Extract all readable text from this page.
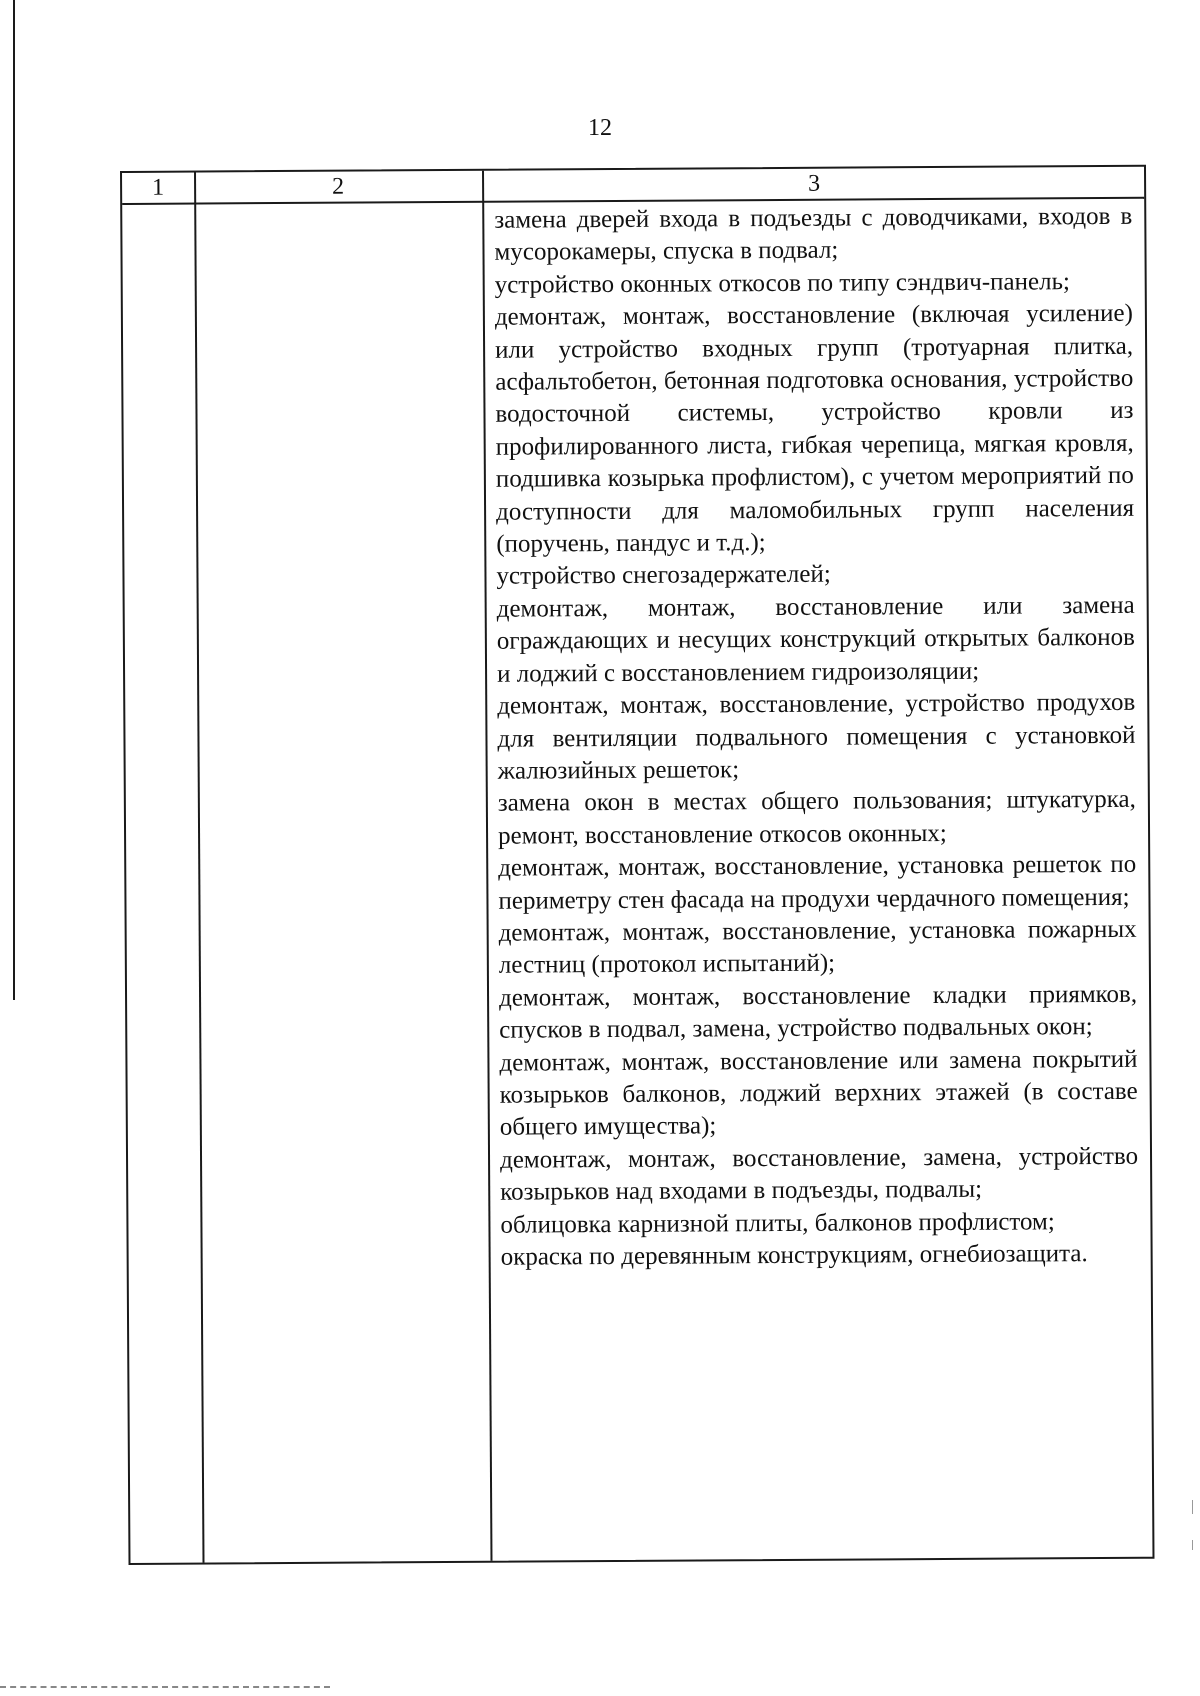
12
1	2	3
замена дверей входа в подъезды с доводчиками, входов в мусорокамеры, спуска в подвал;
устройство оконных откосов по типу сэндвич-панель;
демонтаж, монтаж, восстановление (включая усиление) или устройство входных групп (тротуарная плитка, асфальтобетон, бетонная подготовка основания, устройство водосточной системы, устройство кровли из профилированного листа, гибкая черепица, мягкая кровля, подшивка козырька профлистом), с учетом мероприятий по доступности для маломобильных групп населения (поручень, пандус и т.д.);
устройство снегозадержателей;
демонтаж, монтаж, восстановление или замена ограждающих и несущих конструкций открытых балконов и лоджий с восстановлением гидроизоляции;
демонтаж, монтаж, восстановление, устройство продухов для вентиляции подвального помещения с установкой жалюзийных решеток;
замена окон в местах общего пользования; штукатурка, ремонт, восстановление откосов оконных;
демонтаж, монтаж, восстановление, установка решеток по периметру стен фасада на продухи чердачного помещения;
демонтаж, монтаж, восстановление, установка пожарных лестниц (протокол испытаний);
демонтаж, монтаж, восстановление кладки приямков, спусков в подвал, замена, устройство подвальных окон;
демонтаж, монтаж, восстановление или замена покрытий козырьков балконов, лоджий верхних этажей (в составе общего имущества);
демонтаж, монтаж, восстановление, замена, устройство козырьков над входами в подъезды, подвалы;
облицовка карнизной плиты, балконов профлистом;
окраска по деревянным конструкциям, огнебиозащита.
